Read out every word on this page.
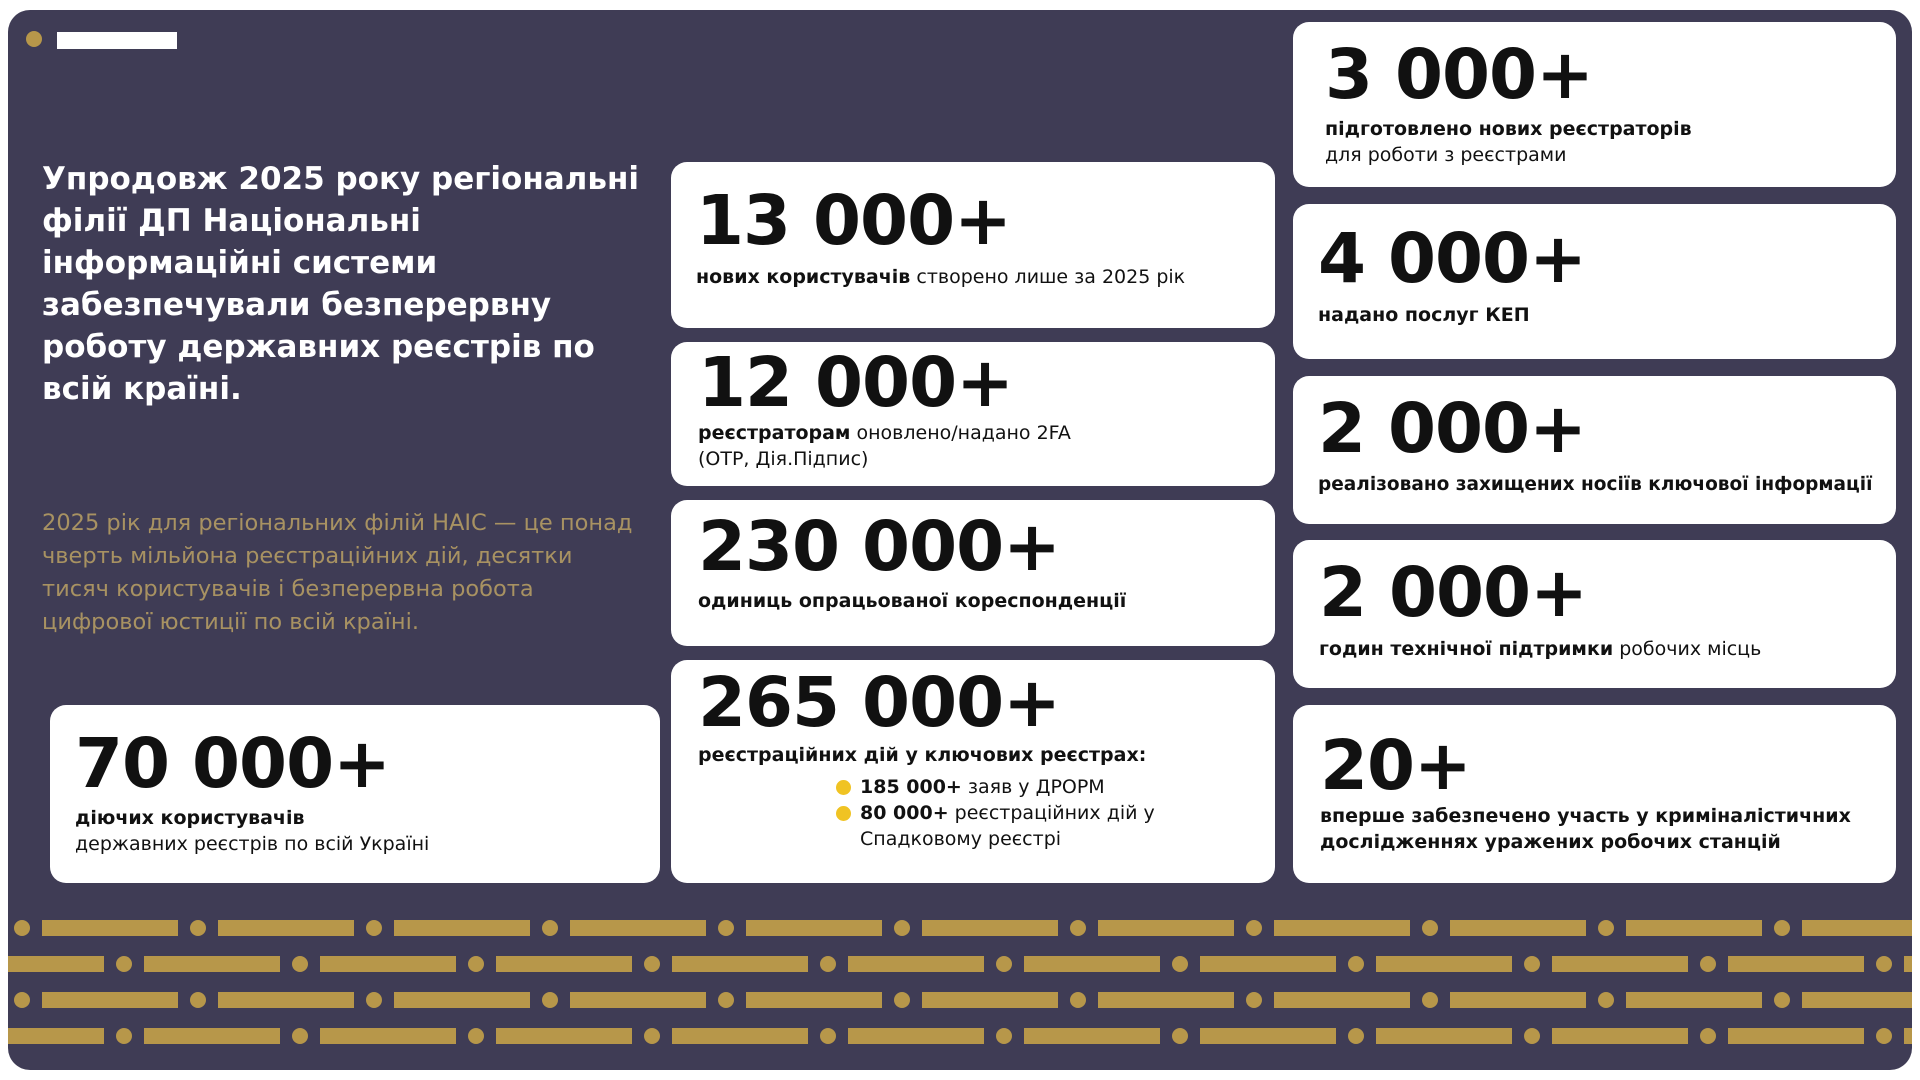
Упродовж 2025 року регіональні філії ДП Національні інформаційні системи забезпечували безперервну роботу державних реєстрів по всій країні.

2025 рік для регіональних філій НАІС — це понад чверть мільйона реєстраційних дій, десятки тисяч користувачів і безперервна робота цифрової юстиції по всій країні.

70 000+
діючих користувачів
державних реєстрів по всій Україні
13 000+
нових користувачів створено лише за 2025 рік
12 000+
реєстраторам оновлено/надано 2FA
(OTP, Дія.Підпис)
230 000+
одиниць опрацьованої кореспонденції
265 000+
реєстраційних дій у ключових реєстрах:
185 000+ заяв у ДРОРМ
80 000+ реєстраційних дій у Спадковому реєстрі
3 000+
підготовлено нових реєстраторів
для роботи з реєстрами
4 000+
надано послуг КЕП
2 000+
реалізовано захищених носіїв ключової інформації
2 000+
годин технічної підтримки робочих місць
20+
вперше забезпечено участь у криміналістичних дослідженнях уражених робочих станцій
